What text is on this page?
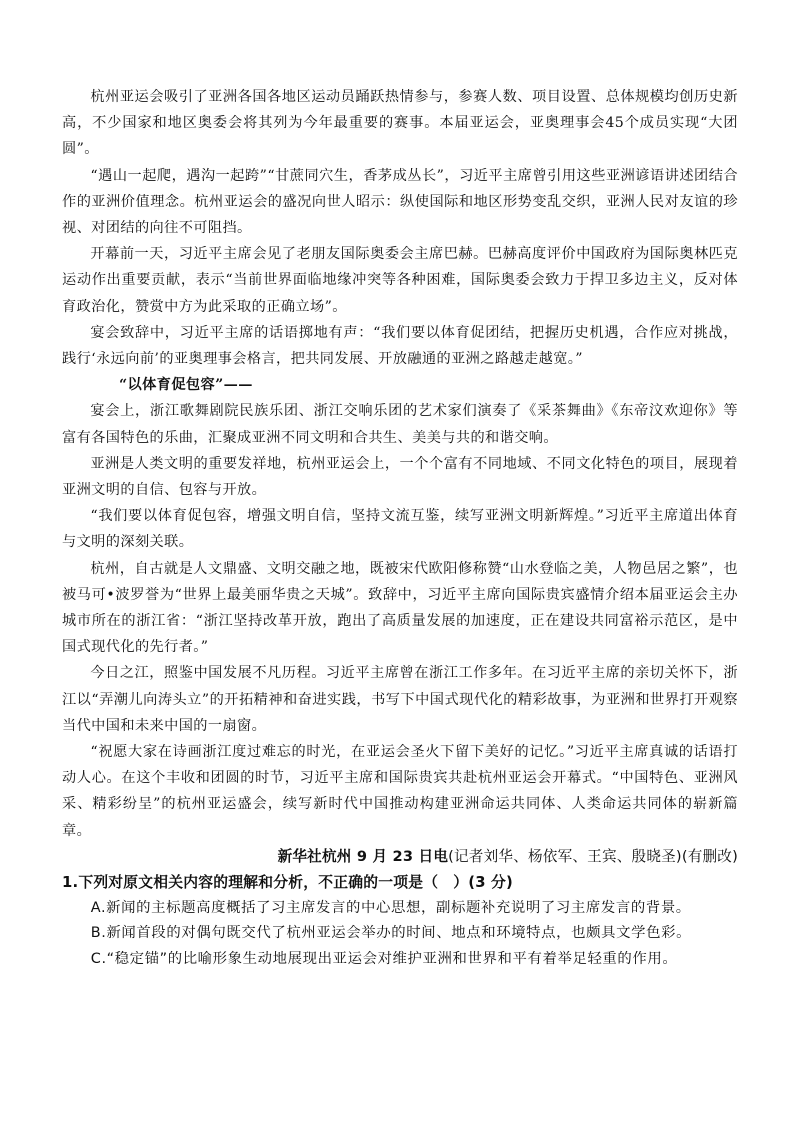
杭州亚运会吸引了亚洲各国各地区运动员踊跃热情参与，参赛人数、项目设置、总体规模均创历史新高，不少国家和地区奥委会将其列为今年最重要的赛事。本届亚运会，亚奥理事会45个成员实现“大团圆”。

“遇山一起爬，遇沟一起跨”“甘蔗同穴生，香茅成丛长”，习近平主席曾引用这些亚洲谚语讲述团结合作的亚洲价值理念。杭州亚运会的盛况向世人昭示：纵使国际和地区形势变乱交织，亚洲人民对友谊的珍视、对团结的向往不可阻挡。

开幕前一天，习近平主席会见了老朋友国际奥委会主席巴赫。巴赫高度评价中国政府为国际奥林匹克运动作出重要贡献，表示“当前世界面临地缘冲突等各种困难，国际奥委会致力于捍卫多边主义，反对体育政治化，赞赏中方为此采取的正确立场”。

宴会致辞中，习近平主席的话语掷地有声：“我们要以体育促团结，把握历史机遇，合作应对挑战，践行‘永远向前’的亚奥理事会格言，把共同发展、开放融通的亚洲之路越走越宽。”

“以体育促包容”——

宴会上，浙江歌舞剧院民族乐团、浙江交响乐团的艺术家们演奏了《采茶舞曲》《东帝汶欢迎你》等富有各国特色的乐曲，汇聚成亚洲不同文明和合共生、美美与共的和谐交响。

亚洲是人类文明的重要发祥地，杭州亚运会上，一个个富有不同地域、不同文化特色的项目，展现着亚洲文明的自信、包容与开放。

“我们要以体育促包容，增强文明自信，坚持文流互鉴，续写亚洲文明新辉煌。”习近平主席道出体育与文明的深刻关联。

杭州，自古就是人文鼎盛、文明交融之地，既被宋代欧阳修称赞“山水登临之美，人物邑居之繁”，也被马可•波罗誉为“世界上最美丽华贵之天城”。致辞中，习近平主席向国际贵宾盛情介绍本届亚运会主办城市所在的浙江省：“浙江坚持改革开放，跑出了高质量发展的加速度，正在建设共同富裕示范区，是中国式现代化的先行者。”

今日之江，照鉴中国发展不凡历程。习近平主席曾在浙江工作多年。在习近平主席的亲切关怀下，浙江以“弄潮儿向涛头立”的开拓精神和奋进实践，书写下中国式现代化的精彩故事，为亚洲和世界打开观察当代中国和未来中国的一扇窗。

“祝愿大家在诗画浙江度过难忘的时光，在亚运会圣火下留下美好的记忆。”习近平主席真诚的话语打动人心。在这个丰收和团圆的时节，习近平主席和国际贵宾共赴杭州亚运会开幕式。“中国特色、亚洲风采、精彩纷呈”的杭州亚运盛会，续写新时代中国推动构建亚洲命运共同体、人类命运共同体的崭新篇章。

新华社杭州 9 月 23 日电(记者刘华、杨依军、王宾、殷晓圣)(有删改)

1.下列对原文相关内容的理解和分析，不正确的一项是（　）(3 分)

A.新闻的主标题高度概括了习主席发言的中心思想，副标题补充说明了习主席发言的背景。

B.新闻首段的对偶句既交代了杭州亚运会举办的时间、地点和环境特点，也颇具文学色彩。

C.“稳定锚”的比喻形象生动地展现出亚运会对维护亚洲和世界和平有着举足轻重的作用。
